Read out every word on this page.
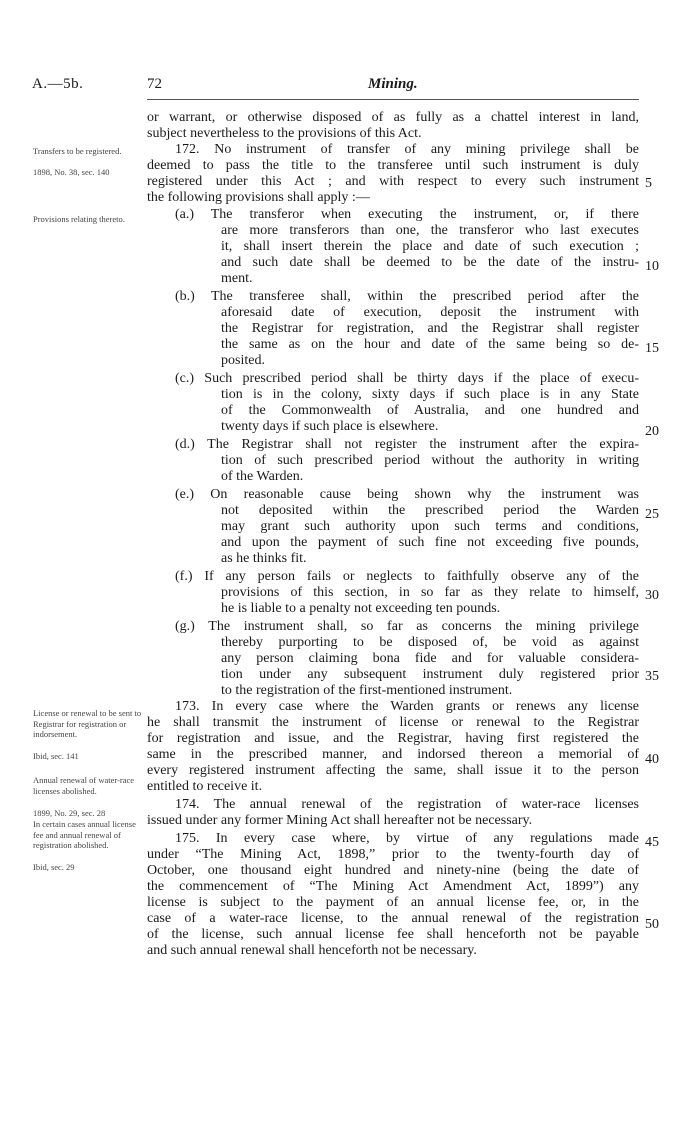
A.—5b.	72	Mining.
Transfers to be registered.
1898, No. 38, sec. 140
Provisions relating thereto.
License or renewal to be sent to Registrar for registration or indorsement.
Ibid, sec. 141
Annual renewal of water-race licenses abolished.
1899, No. 29, sec. 28
In certain cases annual license fee and annual renewal of registration abolished.
Ibid, sec. 29
or warrant, or otherwise disposed of as fully as a chattel interest in land,
subject nevertheless to the provisions of this Act.
172. No instrument of transfer of any mining privilege shall be
deemed to pass the title to the transferee until such instrument is duly
registered under this Act ; and with respect to every such instrument
the following provisions shall apply :—
(a.) The transferor when executing the instrument, or, if there
are more transferors than one, the transferor who last executes
it, shall insert therein the place and date of such execution ;
and such date shall be deemed to be the date of the instru-
ment.
(b.) The transferee shall, within the prescribed period after the
aforesaid date of execution, deposit the instrument with
the Registrar for registration, and the Registrar shall register
the same as on the hour and date of the same being so de-
posited.
(c.) Such prescribed period shall be thirty days if the place of execu-
tion is in the colony, sixty days if such place is in any State
of the Commonwealth of Australia, and one hundred and
twenty days if such place is elsewhere.
(d.) The Registrar shall not register the instrument after the expira-
tion of such prescribed period without the authority in writing
of the Warden.
(e.) On reasonable cause being shown why the instrument was
not deposited within the prescribed period the Warden
may grant such authority upon such terms and conditions,
and upon the payment of such fine not exceeding five pounds,
as he thinks fit.
(f.) If any person fails or neglects to faithfully observe any of the
provisions of this section, in so far as they relate to himself,
he is liable to a penalty not exceeding ten pounds.
(g.) The instrument shall, so far as concerns the mining privilege
thereby purporting to be disposed of, be void as against
any person claiming bona fide and for valuable considera-
tion under any subsequent instrument duly registered prior
to the registration of the first-mentioned instrument.
173. In every case where the Warden grants or renews any license
he shall transmit the instrument of license or renewal to the Registrar
for registration and issue, and the Registrar, having first registered the
same in the prescribed manner, and indorsed thereon a memorial of
every registered instrument affecting the same, shall issue it to the person
entitled to receive it.
174. The annual renewal of the registration of water-race licenses
issued under any former Mining Act shall hereafter not be necessary.
175. In every case where, by virtue of any regulations made
under “The Mining Act, 1898,” prior to the twenty-fourth day of
October, one thousand eight hundred and ninety-nine (being the date of
the commencement of “The Mining Act Amendment Act, 1899”) any
license is subject to the payment of an annual license fee, or, in the
case of a water-race license, to the annual renewal of the registration
of the license, such annual license fee shall henceforth not be payable
and such annual renewal shall henceforth not be necessary.
5
10
15
20
25
30
35
40
45
50
